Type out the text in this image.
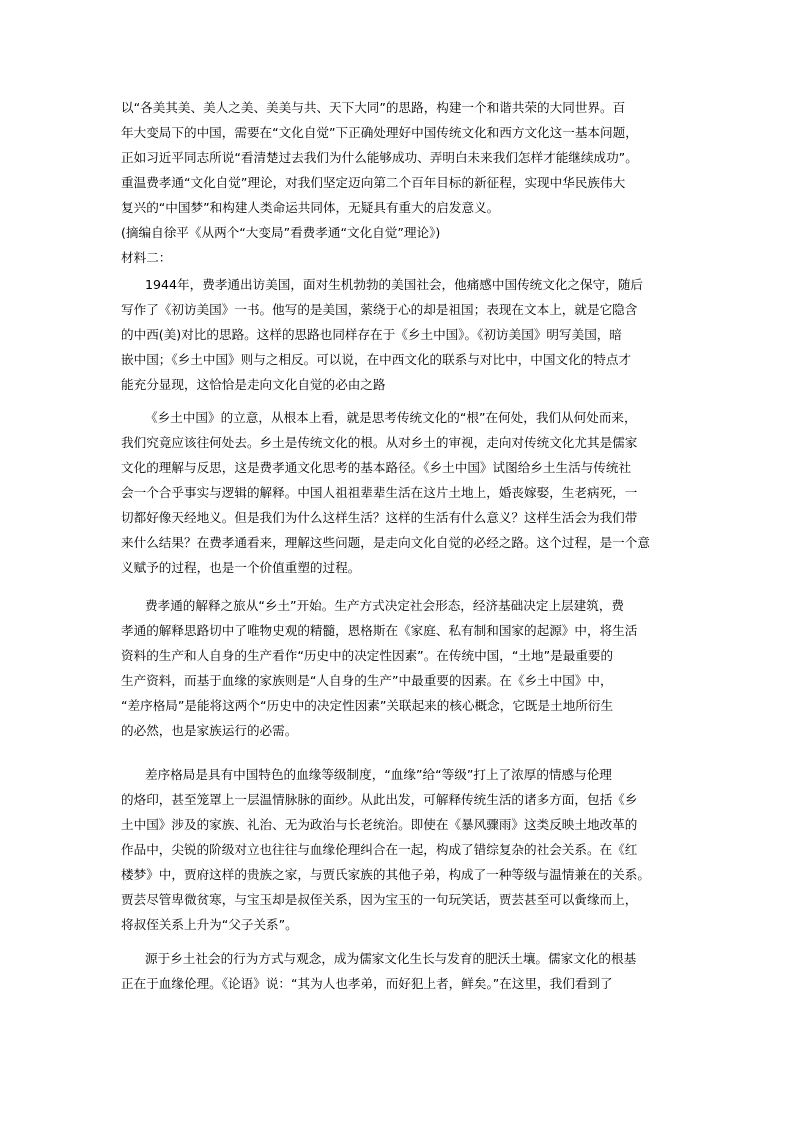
以“各美其美、美人之美、美美与共、天下大同”的思路，构建一个和谐共荣的大同世界。百
年大变局下的中国，需要在“文化自觉”下正确处理好中国传统文化和西方文化这一基本问题，
正如习近平同志所说“看清楚过去我们为什么能够成功、弄明白未来我们怎样才能继续成功”。
重温费孝通“文化自觉”理论，对我们坚定迈向第二个百年目标的新征程，实现中华民族伟大
复兴的“中国梦”和构建人类命运共同体，无疑具有重大的启发意义。
(摘编自徐平《从两个“大变局”看费孝通“文化自觉”理论》)
材料二：
1944年，费孝通出访美国，面对生机勃勃的美国社会，他痛感中国传统文化之保守，随后
写作了《初访美国》一书。他写的是美国，萦绕于心的却是祖国；表现在文本上，就是它隐含
的中西(美)对比的思路。这样的思路也同样存在于《乡土中国》。《初访美国》明写美国，暗
嵌中国；《乡土中国》则与之相反。可以说，在中西文化的联系与对比中，中国文化的特点才
能充分显现，这恰恰是走向文化自觉的必由之路
《乡土中国》的立意，从根本上看，就是思考传统文化的“根”在何处，我们从何处而来，
我们究竟应该往何处去。乡土是传统文化的根。从对乡土的审视，走向对传统文化尤其是儒家
文化的理解与反思，这是费孝通文化思考的基本路径。《乡土中国》试图给乡土生活与传统社
会一个合乎事实与逻辑的解释。中国人祖祖辈辈生活在这片土地上，婚丧嫁娶，生老病死，一
切都好像天经地义。但是我们为什么这样生活？这样的生活有什么意义？这样生活会为我们带
来什么结果？在费孝通看来，理解这些问题，是走向文化自觉的必经之路。这个过程，是一个意
义赋予的过程，也是一个价值重塑的过程。
费孝通的解释之旅从“乡土”开始。生产方式决定社会形态，经济基础决定上层建筑，费
孝通的解释思路切中了唯物史观的精髓，恩格斯在《家庭、私有制和国家的起源》中，将生活
资料的生产和人自身的生产看作“历史中的决定性因素”。在传统中国，“土地”是最重要的
生产资料，而基于血缘的家族则是“人自身的生产”中最重要的因素。在《乡土中国》中，
“差序格局”是能将这两个“历史中的决定性因素”关联起来的核心概念，它既是土地所衍生
的必然，也是家族运行的必需。
差序格局是具有中国特色的血缘等级制度，“血缘”给“等级”打上了浓厚的情感与伦理
的烙印，甚至笼罩上一层温情脉脉的面纱。从此出发，可解释传统生活的诸多方面，包括《乡
土中国》涉及的家族、礼治、无为政治与长老统治。即使在《暴风骤雨》这类反映土地改革的
作品中，尖锐的阶级对立也往往与血缘伦理纠合在一起，构成了错综复杂的社会关系。在《红
楼梦》中，贾府这样的贵族之家，与贾氏家族的其他子弟，构成了一种等级与温情兼在的关系。
贾芸尽管卑微贫寒，与宝玉却是叔侄关系，因为宝玉的一句玩笑话，贾芸甚至可以夤缘而上，
将叔侄关系上升为“父子关系”。
源于乡土社会的行为方式与观念，成为儒家文化生长与发育的肥沃土壤。儒家文化的根基
正在于血缘伦理。《论语》说：“其为人也孝弟，而好犯上者，鲜矣。”在这里，我们看到了
